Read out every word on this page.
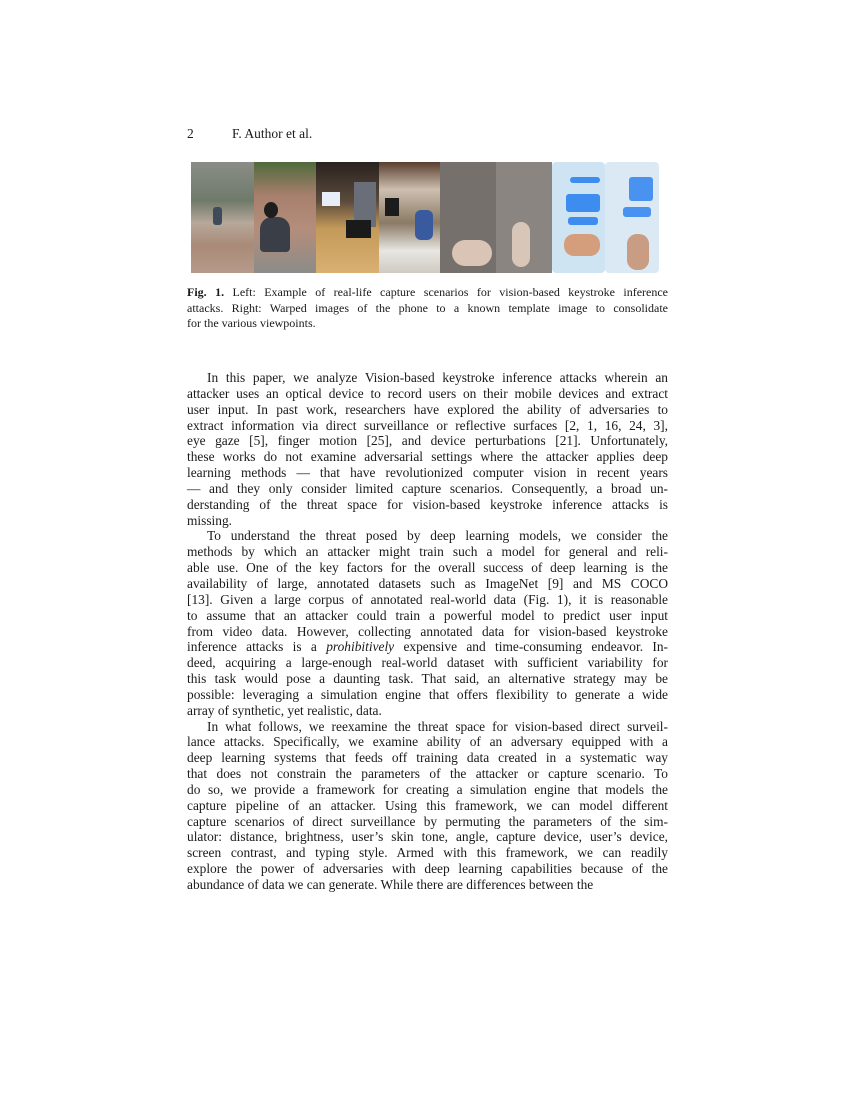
2	F. Author et al.
Fig. 1. Left: Example of real-life capture scenarios for vision-based keystroke inference
attacks. Right: Warped images of the phone to a known template image to consolidate
for the various viewpoints.
In this paper, we analyze Vision-based keystroke inference attacks wherein an
attacker uses an optical device to record users on their mobile devices and extract
user input. In past work, researchers have explored the ability of adversaries to
extract information via direct surveillance or reflective surfaces [2, 1, 16, 24, 3],
eye gaze [5], finger motion [25], and device perturbations [21]. Unfortunately,
these works do not examine adversarial settings where the attacker applies deep
learning methods — that have revolutionized computer vision in recent years
— and they only consider limited capture scenarios. Consequently, a broad un-
derstanding of the threat space for vision-based keystroke inference attacks is
missing.
To understand the threat posed by deep learning models, we consider the
methods by which an attacker might train such a model for general and reli-
able use. One of the key factors for the overall success of deep learning is the
availability of large, annotated datasets such as ImageNet [9] and MS COCO
[13]. Given a large corpus of annotated real-world data (Fig. 1), it is reasonable
to assume that an attacker could train a powerful model to predict user input
from video data. However, collecting annotated data for vision-based keystroke
inference attacks is a prohibitively expensive and time-consuming endeavor. In-
deed, acquiring a large-enough real-world dataset with sufficient variability for
this task would pose a daunting task. That said, an alternative strategy may be
possible: leveraging a simulation engine that offers flexibility to generate a wide
array of synthetic, yet realistic, data.
In what follows, we reexamine the threat space for vision-based direct surveil-
lance attacks. Specifically, we examine ability of an adversary equipped with a
deep learning systems that feeds off training data created in a systematic way
that does not constrain the parameters of the attacker or capture scenario. To
do so, we provide a framework for creating a simulation engine that models the
capture pipeline of an attacker. Using this framework, we can model different
capture scenarios of direct surveillance by permuting the parameters of the sim-
ulator: distance, brightness, user’s skin tone, angle, capture device, user’s device,
screen contrast, and typing style. Armed with this framework, we can readily
explore the power of adversaries with deep learning capabilities because of the
abundance of data we can generate. While there are differences between the
